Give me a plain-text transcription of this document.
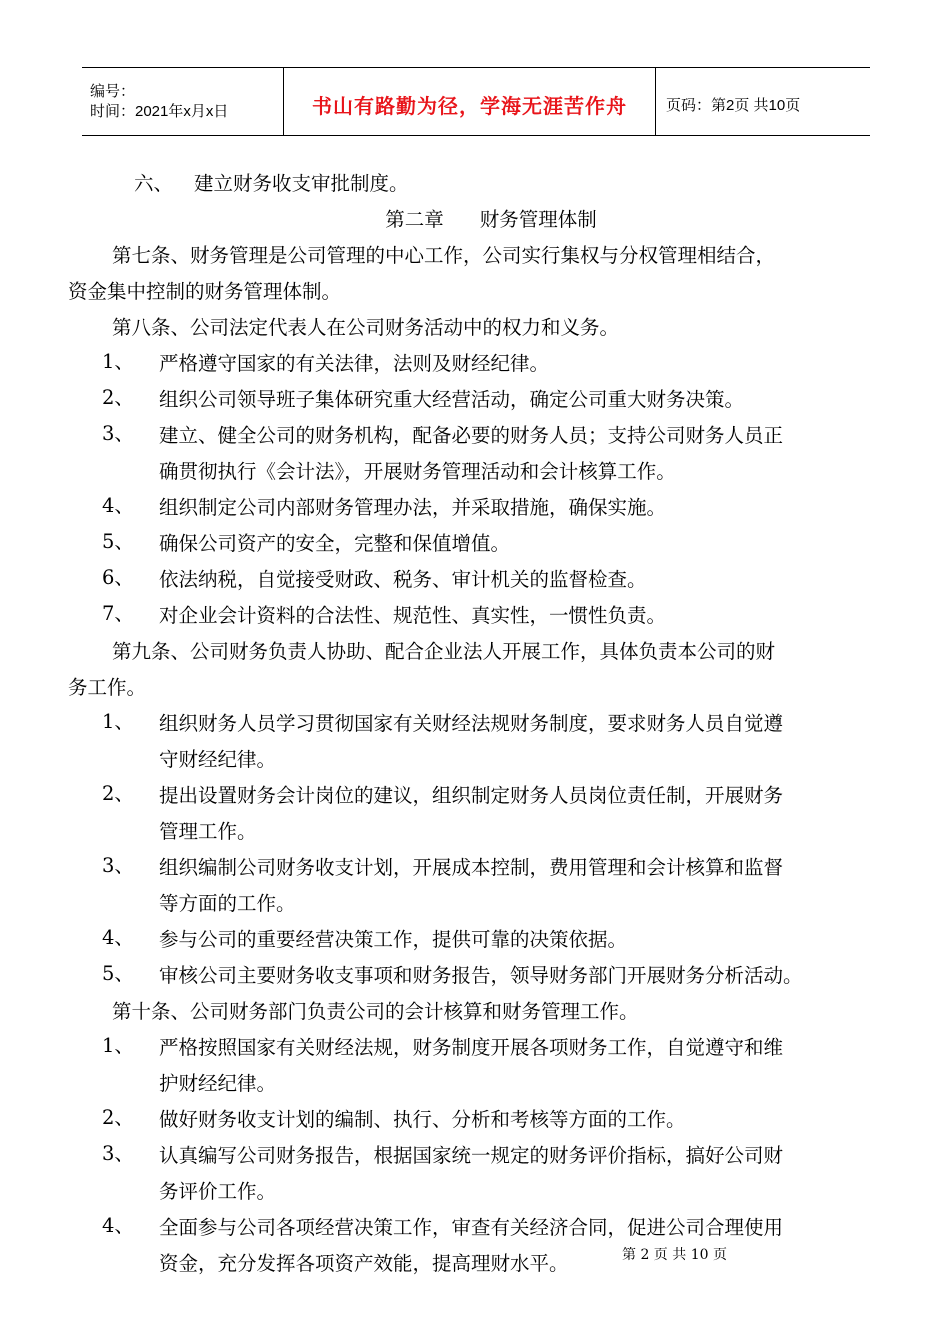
编号：
时间：2021年x月x日	书山有路勤为径，学海无涯苦作舟	页码：第2页 共10页
六、 建立财务收支审批制度。
第二章 财务管理体制
第七条、财务管理是公司管理的中心工作，公司实行集权与分权管理相结合，
资金集中控制的财务管理体制。
第八条、公司法定代表人在公司财务活动中的权力和义务。
1、	严格遵守国家的有关法律，法则及财经纪律。
2、	组织公司领导班子集体研究重大经营活动，确定公司重大财务决策。
3、	建立、健全公司的财务机构，配备必要的财务人员；支持公司财务人员正
确贯彻执行《会计法》，开展财务管理活动和会计核算工作。
4、	组织制定公司内部财务管理办法，并采取措施，确保实施。
5、	确保公司资产的安全，完整和保值增值。
6、	依法纳税，自觉接受财政、税务、审计机关的监督检查。
7、	对企业会计资料的合法性、规范性、真实性，一惯性负责。
第九条、公司财务负责人协助、配合企业法人开展工作，具体负责本公司的财
务工作。
1、	组织财务人员学习贯彻国家有关财经法规财务制度，要求财务人员自觉遵
守财经纪律。
2、	提出设置财务会计岗位的建议，组织制定财务人员岗位责任制，开展财务
管理工作。
3、	组织编制公司财务收支计划，开展成本控制，费用管理和会计核算和监督
等方面的工作。
4、	参与公司的重要经营决策工作，提供可靠的决策依据。
5、	审核公司主要财务收支事项和财务报告，领导财务部门开展财务分析活动。
第十条、公司财务部门负责公司的会计核算和财务管理工作。
1、	严格按照国家有关财经法规，财务制度开展各项财务工作，自觉遵守和维
护财经纪律。
2、	做好财务收支计划的编制、执行、分析和考核等方面的工作。
3、	认真编写公司财务报告，根据国家统一规定的财务评价指标，搞好公司财
务评价工作。
4、	全面参与公司各项经营决策工作，审查有关经济合同，促进公司合理使用
资金，充分发挥各项资产效能，提高理财水平。	第 2 页 共 10 页
